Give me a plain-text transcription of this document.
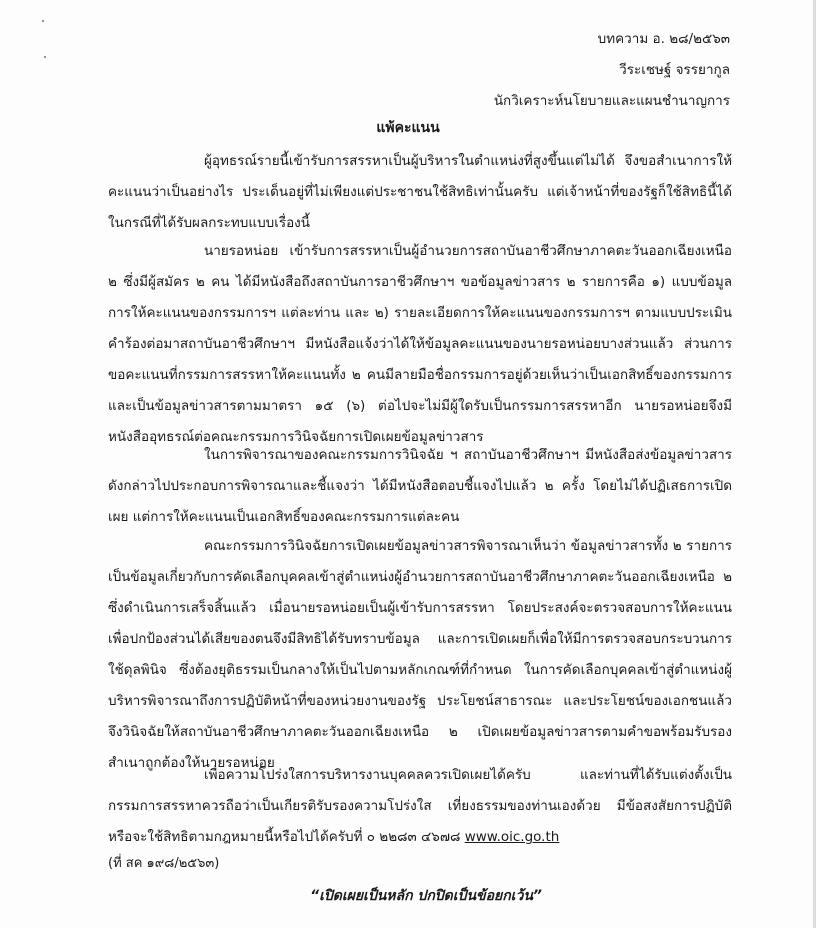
บทความ อ. ๒๘/๒๕๖๓
วีระเชษฐ์ จรรยากูล
นักวิเคราะห์นโยบายและแผนชำนาญการ
แพ้คะแนน

ผู้อุทธรณ์รายนี้เข้ารับการสรรหาเป็นผู้บริหารในตำแหน่งที่สูงขึ้นแต่ไม่ได้ จึงขอสำเนาการให้คะแนนว่าเป็นอย่างไร ประเด็นอยู่ที่ไม่เพียงแต่ประชาชนใช้สิทธิเท่านั้นครับ แต่เจ้าหน้าที่ของรัฐก็ใช้สิทธินี้ได้ในกรณีที่ได้รับผลกระทบแบบเรื่องนี้

นายรอหน่อย เข้ารับการสรรหาเป็นผู้อำนวยการสถาบันอาชีวศึกษาภาคตะวันออกเฉียงเหนือ ๒ ซึ่งมีผู้สมัคร ๒ คน ได้มีหนังสือถึงสถาบันการอาชีวศึกษาฯ ขอข้อมูลข่าวสาร ๒ รายการคือ ๑) แบบข้อมูลการให้คะแนนของกรรมการฯ แต่ละท่าน และ ๒) รายละเอียดการให้คะแนนของกรรมการฯ ตามแบบประเมินคำร้องต่อมาสถาบันอาชีวศึกษาฯ มีหนังสือแจ้งว่าได้ให้ข้อมูลคะแนนของนายรอหน่อยบางส่วนแล้ว ส่วนการขอคะแนนที่กรรมการสรรหาให้คะแนนทั้ง ๒ คนมีลายมือชื่อกรรมการอยู่ด้วยเห็นว่าเป็นเอกสิทธิ์ของกรรมการ และเป็นข้อมูลข่าวสารตามมาตรา ๑๕ (๖) ต่อไปจะไม่มีผู้ใดรับเป็นกรรมการสรรหาอีก นายรอหน่อยจึงมีหนังสืออุทธรณ์ต่อคณะกรรมการวินิจฉัยการเปิดเผยข้อมูลข่าวสาร

ในการพิจารณาของคณะกรรมการวินิจฉัย ฯ สถาบันอาชีวศึกษาฯ มีหนังสือส่งข้อมูลข่าวสารดังกล่าวไปประกอบการพิจารณาและชี้แจงว่า ได้มีหนังสือตอบชี้แจงไปแล้ว ๒ ครั้ง โดยไม่ได้ปฏิเสธการเปิดเผย แต่การให้คะแนนเป็นเอกสิทธิ์ของคณะกรรมการแต่ละคน

คณะกรรมการวินิจฉัยการเปิดเผยข้อมูลข่าวสารพิจารณาเห็นว่า ข้อมูลข่าวสารทั้ง ๒ รายการเป็นข้อมูลเกี่ยวกับการคัดเลือกบุคคลเข้าสู่ตำแหน่งผู้อำนวยการสถาบันอาชีวศึกษาภาคตะวันออกเฉียงเหนือ ๒ ซึ่งดำเนินการเสร็จสิ้นแล้ว เมื่อนายรอหน่อยเป็นผู้เข้ารับการสรรหา โดยประสงค์จะตรวจสอบการให้คะแนนเพื่อปกป้องส่วนได้เสียของตนจึงมีสิทธิได้รับทราบข้อมูล และการเปิดเผยก็เพื่อให้มีการตรวจสอบกระบวนการใช้ดุลพินิจ ซึ่งต้องยุติธรรมเป็นกลางให้เป็นไปตามหลักเกณฑ์ที่กำหนด ในการคัดเลือกบุคคลเข้าสู่ตำแหน่งผู้บริหารพิจารณาถึงการปฏิบัติหน้าที่ของหน่วยงานของรัฐ ประโยชน์สาธารณะ และประโยชน์ของเอกชนแล้ว จึงวินิจฉัยให้สถาบันอาชีวศึกษาภาคตะวันออกเฉียงเหนือ ๒ เปิดเผยข้อมูลข่าวสารตามคำขอพร้อมรับรองสำเนาถูกต้องให้นายรอหน่อย

เพื่อความโปร่งใสการบริหารงานบุคคลควรเปิดเผยได้ครับ และท่านที่ได้รับแต่งตั้งเป็นกรรมการสรรหาควรถือว่าเป็นเกียรติรับรองความโปร่งใส เที่ยงธรรมของท่านเองด้วย มีข้อสงสัยการปฏิบัติหรือจะใช้สิทธิตามกฎหมายนี้หรือไปได้ครับที่ ๐ ๒๒๘๓ ๔๖๗๘ www.oic.go.th

(ที่ สค ๑๙๘/๒๕๖๓)
“เปิดเผยเป็นหลัก ปกปิดเป็นข้อยกเว้น”
